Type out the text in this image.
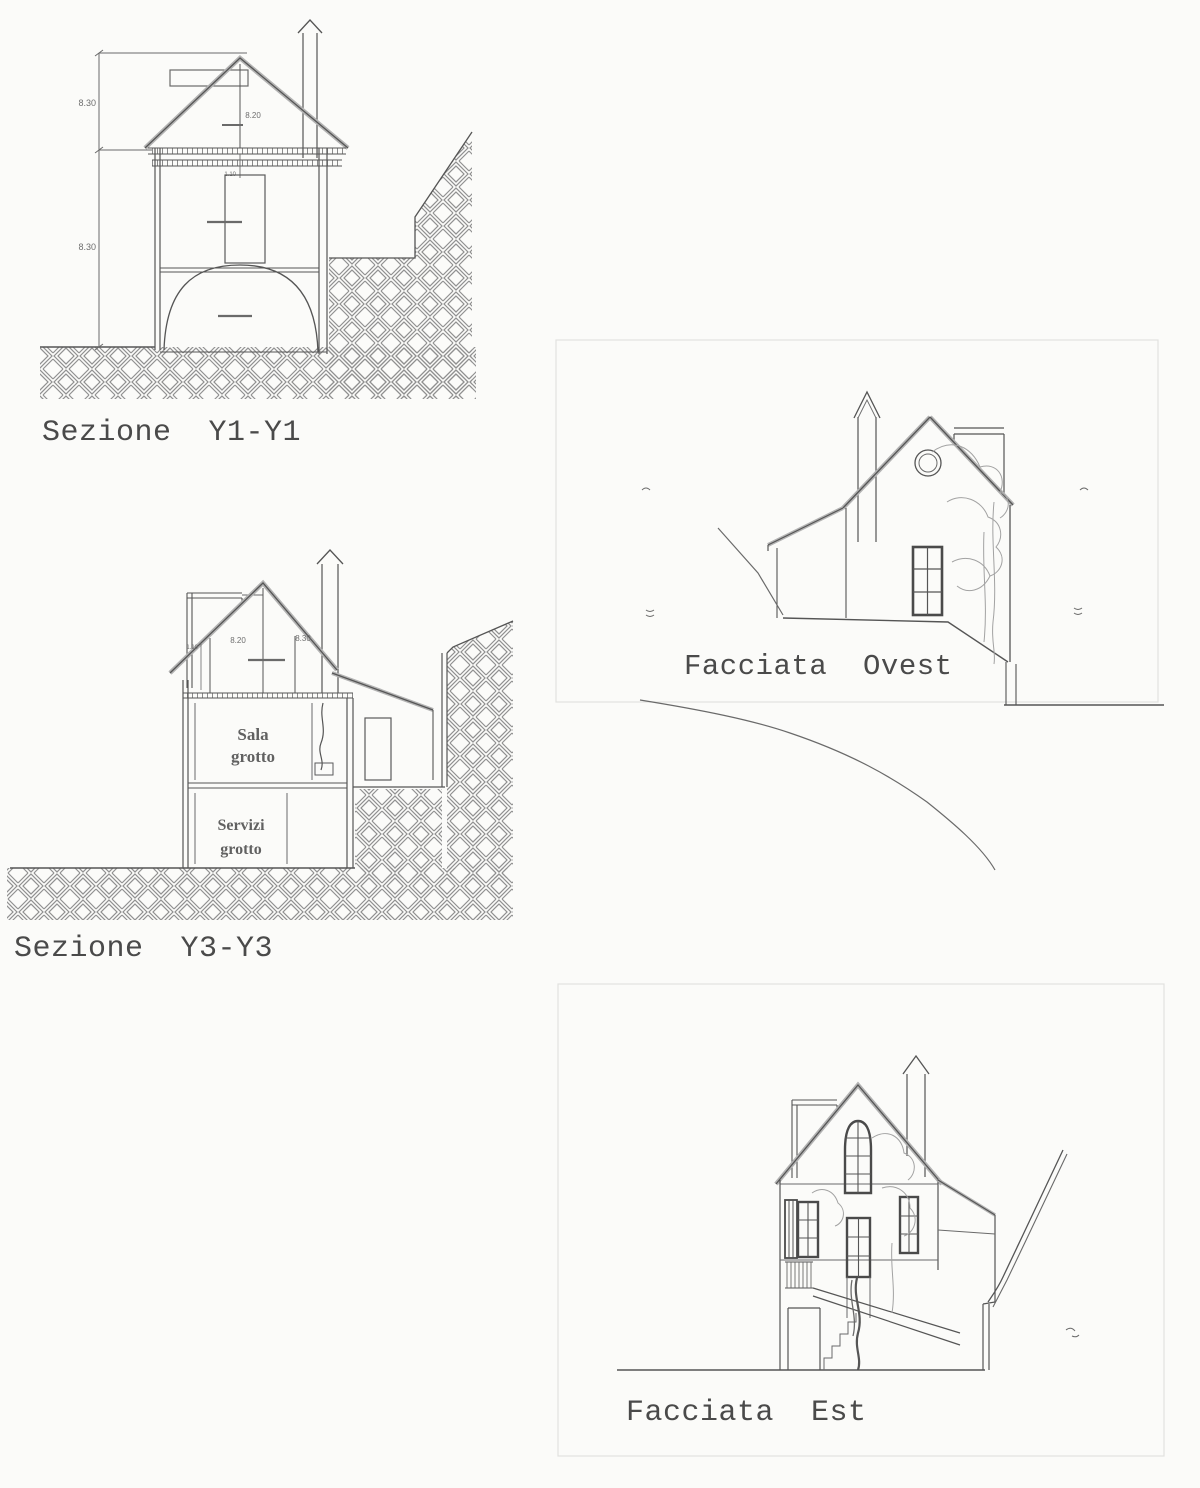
8.30
8.30
8.20
1.10
Sezione  Y1-Y1
8.20	8.30
1.10
Sala
grotto
Servizi
grotto
Sezione  Y3-Y3
Facciata  Ovest
Facciata  Est
